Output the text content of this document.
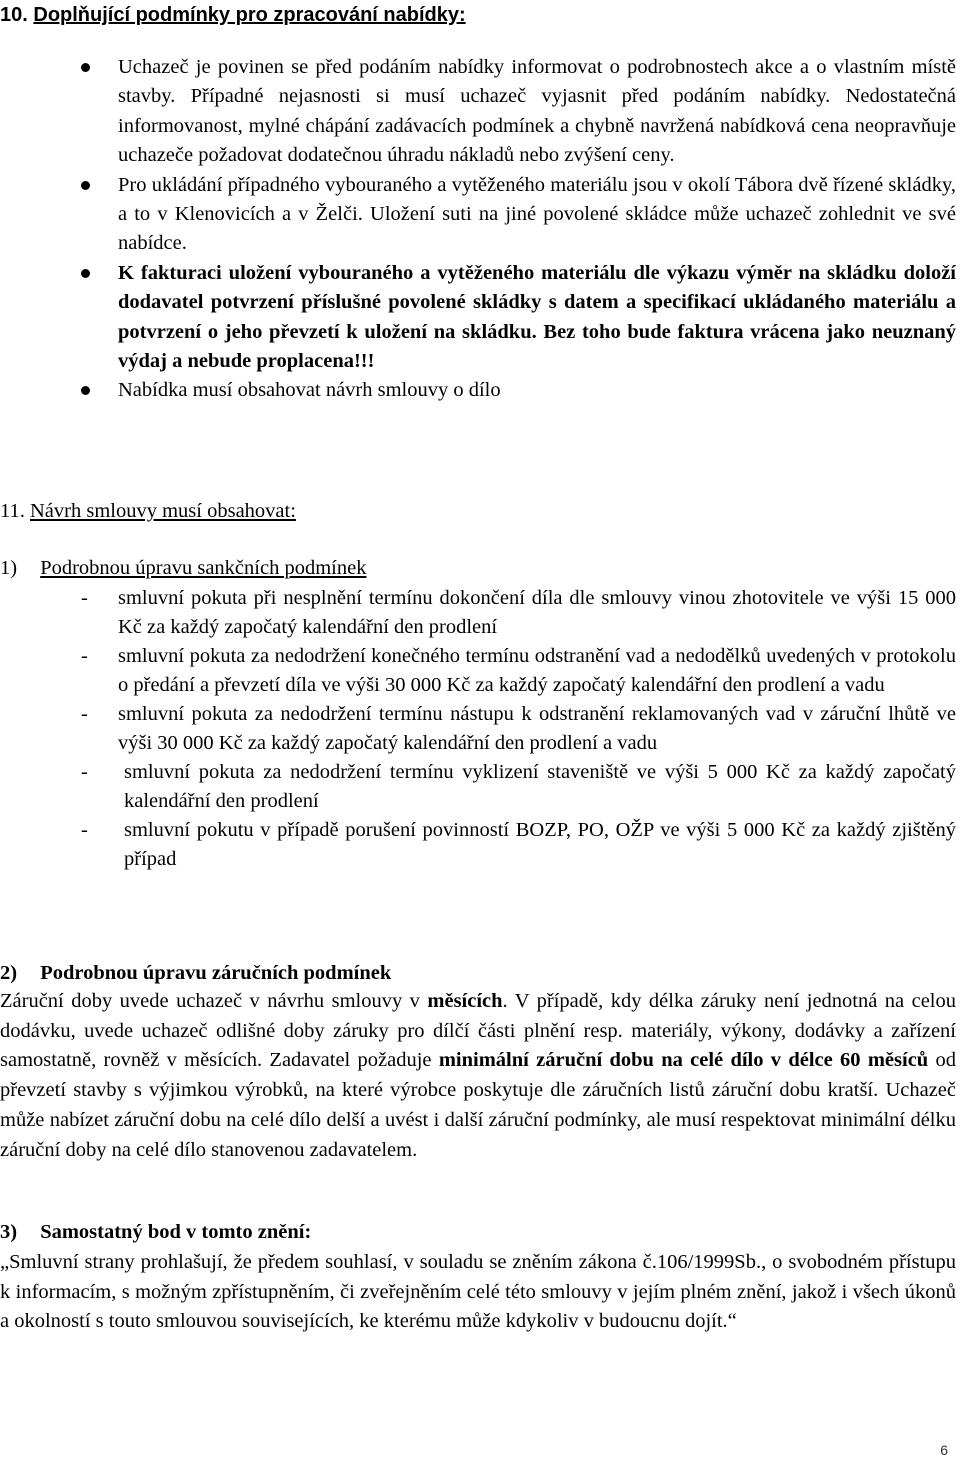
10. Doplňující podmínky pro zpracování nabídky:
Uchazeč je povinen se před podáním nabídky informovat o podrobnostech akce a o vlastním místě stavby. Případné nejasnosti si musí uchazeč vyjasnit před podáním nabídky. Nedostatečná informovanost, mylné chápání zadávacích podmínek a chybně navržená nabídková cena neopravňuje uchazeče požadovat dodatečnou úhradu nákladů nebo zvýšení ceny.
Pro ukládání případného vybouraného a vytěženého materiálu jsou v okolí Tábora dvě řízené skládky, a to v Klenovicích a v Želči. Uložení suti na jiné povolené skládce může uchazeč zohlednit ve své nabídce.
K fakturaci uložení vybouraného a vytěženého materiálu dle výkazu výměr na skládku doloží dodavatel potvrzení příslušné povolené skládky s datem a specifikací ukládaného materiálu a potvrzení o jeho převzetí k uložení na skládku. Bez toho bude faktura vrácena jako neuznaný výdaj a nebude proplacena!!!
Nabídka musí obsahovat návrh smlouvy o dílo
11. Návrh smlouvy musí obsahovat:
1) Podrobnou úpravu sankčních podmínek
- smluvní pokuta při nesplnění termínu dokončení díla dle smlouvy vinou zhotovitele ve výši 15 000 Kč za každý započatý kalendářní den prodlení
- smluvní pokuta za nedodržení konečného termínu odstranění vad a nedodělků uvedených v protokolu o předání a převzetí díla ve výši 30 000 Kč za každý započatý kalendářní den prodlení a vadu
- smluvní pokuta za nedodržení termínu nástupu k odstranění reklamovaných vad v záruční lhůtě ve výši 30 000 Kč za každý započatý kalendářní den prodlení a vadu
- smluvní pokuta za nedodržení termínu vyklizení staveniště ve výši 5 000 Kč za každý započatý kalendářní den prodlení
- smluvní pokutu v případě porušení povinností BOZP, PO, OŽP ve výši 5 000 Kč za každý zjištěný případ
2) Podrobnou úpravu záručních podmínek

Záruční doby uvede uchazeč v návrhu smlouvy v měsících. V případě, kdy délka záruky není jednotná na celou dodávku, uvede uchazeč odlišné doby záruky pro dílčí části plnění resp. materiály, výkony, dodávky a zařízení samostatně, rovněž v měsících. Zadavatel požaduje minimální záruční dobu na celé dílo v délce 60 měsíců od převzetí stavby s výjimkou výrobků, na které výrobce poskytuje dle záručních listů záruční dobu kratší. Uchazeč může nabízet záruční dobu na celé dílo delší a uvést i další záruční podmínky, ale musí respektovat minimální délku záruční doby na celé dílo stanovenou zadavatelem.

3) Samostatný bod v tomto znění:

„Smluvní strany prohlašují, že předem souhlasí, v souladu se zněním zákona č.106/1999Sb., o svobodném přístupu k informacím, s možným zpřístupněním, či zveřejněním celé této smlouvy v jejím plném znění, jakož i všech úkonů a okolností s touto smlouvou souvisejících, ke kterému může kdykoliv v budoucnu dojít.“

6
